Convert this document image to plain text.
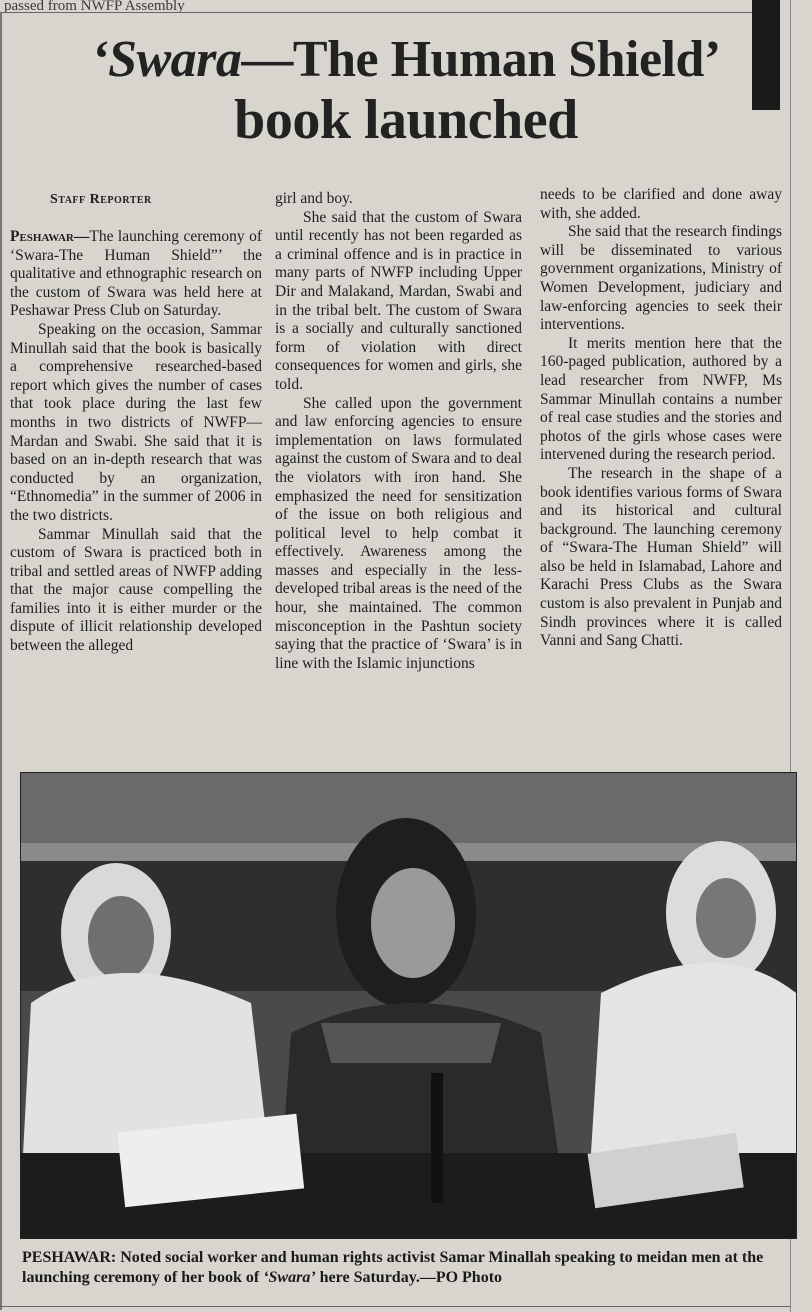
passed from NWFP Assembly
‘Swara—The Human Shield’
book launched
Staff Reporter

Peshawar—The launching ceremony of ‘Swara-The Human Shield”’ the qualitative and ethnographic research on the custom of Swara was held here at Peshawar Press Club on Saturday.

Speaking on the occasion, Sammar Minullah said that the book is basically a comprehensive researched-based report which gives the number of cases that took place during the last few months in two districts of NWFP—Mardan and Swabi. She said that it is based on an in-depth research that was conducted by an organization, “Ethnomedia” in the summer of 2006 in the two districts.

Sammar Minullah said that the custom of Swara is practiced both in tribal and settled areas of NWFP adding that the major cause compelling the families into it is either murder or the dispute of illicit relationship developed between the alleged

girl and boy.

She said that the custom of Swara until recently has not been regarded as a criminal offence and is in practice in many parts of NWFP including Upper Dir and Malakand, Mardan, Swabi and in the tribal belt. The custom of Swara is a socially and culturally sanctioned form of violation with direct consequences for women and girls, she told.

She called upon the government and law enforcing agencies to ensure implementation on laws formulated against the custom of Swara and to deal the violators with iron hand. She emphasized the need for sensitization of the issue on both religious and political level to help combat it effectively. Awareness among the masses and especially in the less- developed tribal areas is the need of the hour, she maintained. The common misconception in the Pashtun society saying that the practice of ‘Swara’ is in line with the Islamic injunctions

needs to be clarified and done away with, she added.

She said that the research findings will be disseminated to various government organizations, Ministry of Women Development, judiciary and law-enforcing agencies to seek their interventions.

It merits mention here that the 160-paged publication, authored by a lead researcher from NWFP, Ms Sammar Minullah contains a number of real case studies and the stories and photos of the girls whose cases were intervened during the research period.

The research in the shape of a book identifies various forms of Swara and its historical and cultural background. The launching ceremony of “Swara-The Human Shield” will also be held in Islamabad, Lahore and Karachi Press Clubs as the Swara custom is also prevalent in Punjab and Sindh provinces where it is called Vanni and Sang Chatti.

PESHAWAR: Noted social worker and human rights activist Samar Minallah speaking to meidan men at the launching ceremony of her book of ‘Swara’ here Saturday.—PO Photo
